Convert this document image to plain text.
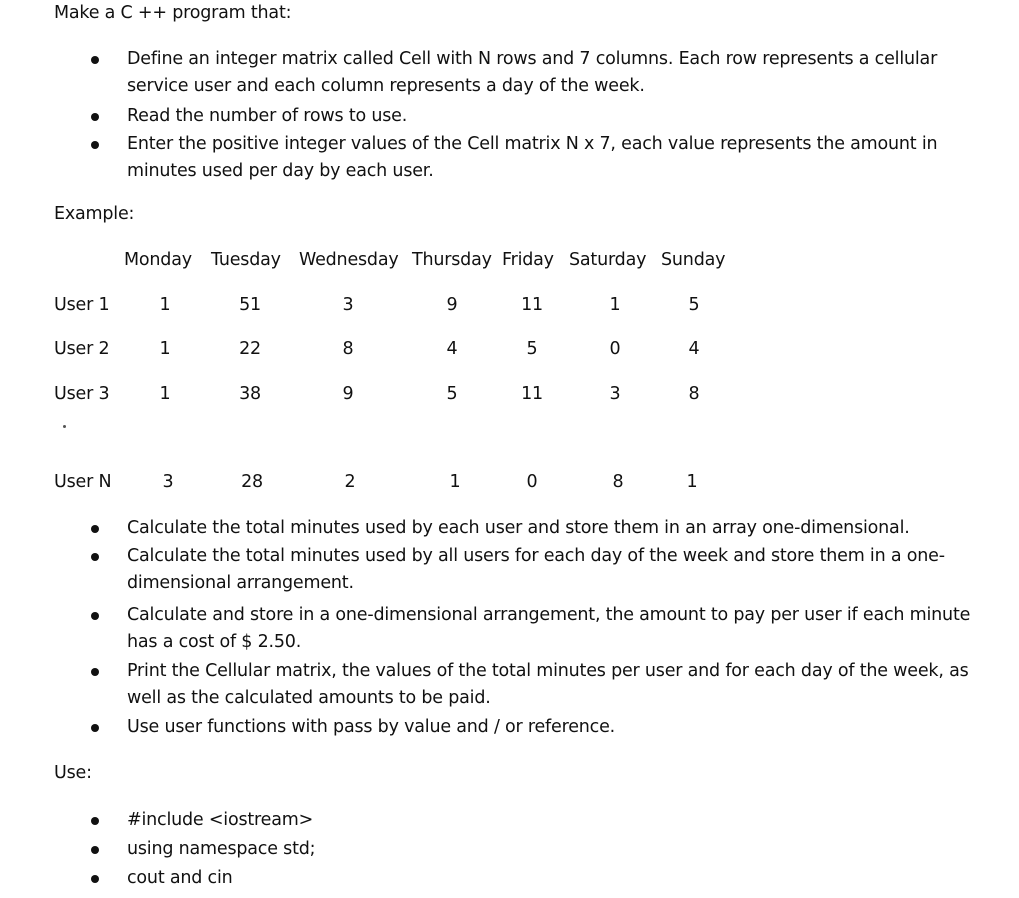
Make a C ++ program that:
Define an integer matrix called Cell with N rows and 7 columns. Each row represents a cellular service user and each column represents a day of the week.
Read the number of rows to use.
Enter the positive integer values of the Cell matrix N x 7, each value represents the amount in minutes used per day by each user.
Example:
Monday Tuesday Wednesday Thursday Friday Saturday Sunday
User 1	1	51	3	9	11	1	5
User 2	1	22	8	4	5	0	4
User 3	1	38	9	5	11	3	8
User N	3	28	2	1	0	8	1
Calculate the total minutes used by each user and store them in an array one-dimensional.
Calculate the total minutes used by all users for each day of the week and store them in a one-dimensional arrangement.
Calculate and store in a one-dimensional arrangement, the amount to pay per user if each minute has a cost of $ 2.50.
Print the Cellular matrix, the values of the total minutes per user and for each day of the week, as well as the calculated amounts to be paid.
Use user functions with pass by value and / or reference.
Use:
#include <iostream>
using namespace std;
cout and cin
